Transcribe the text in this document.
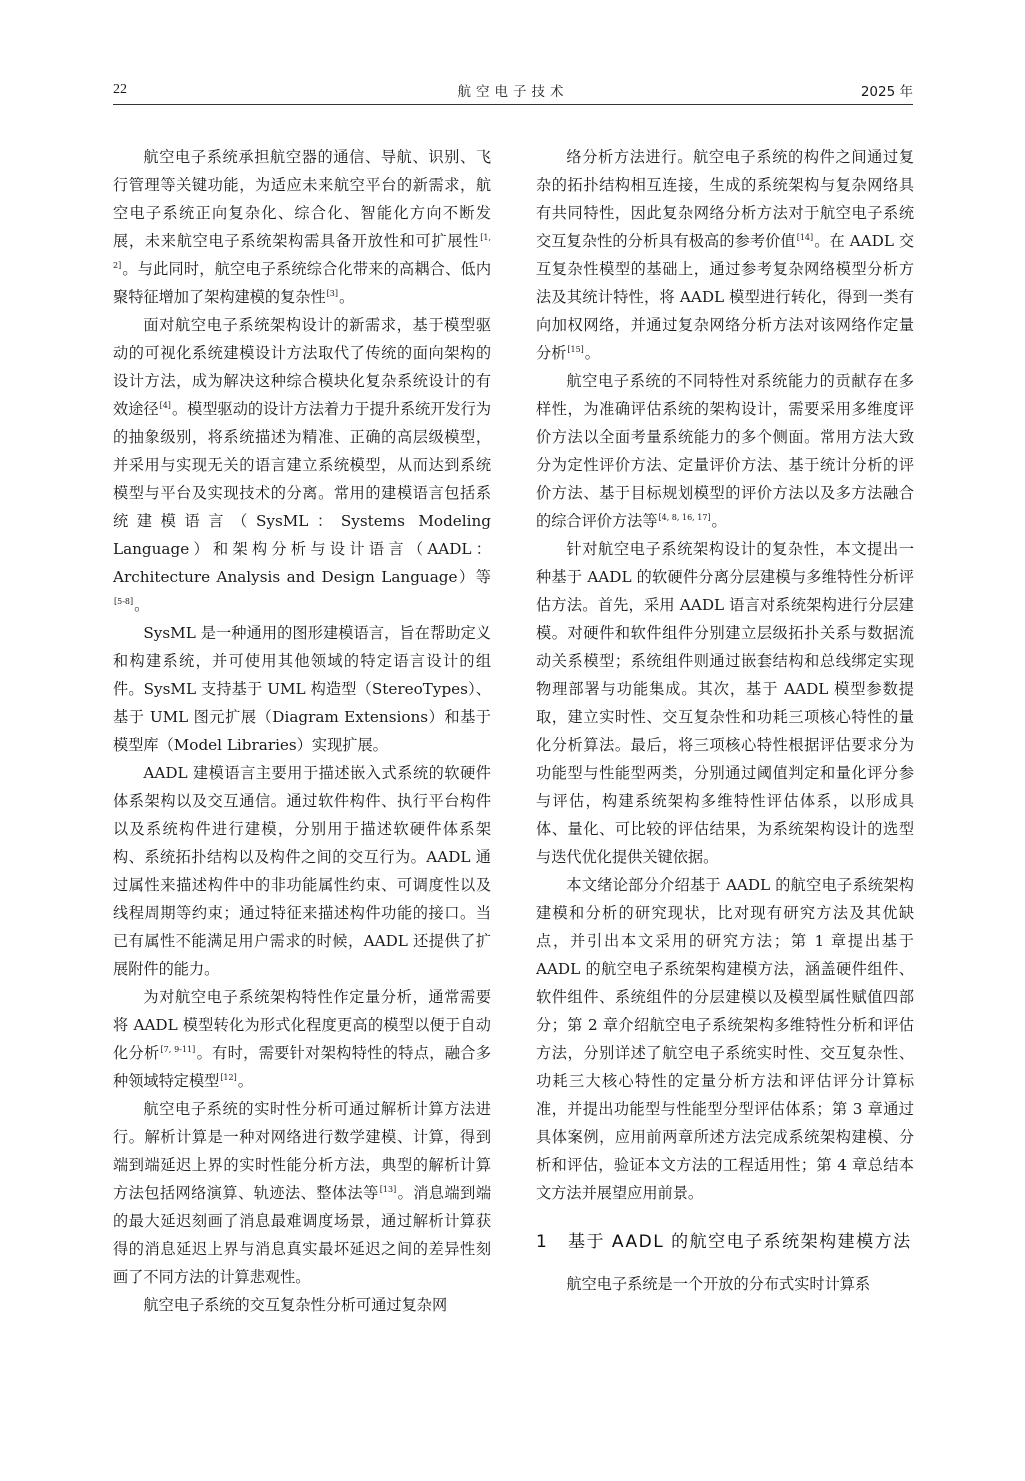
22	航空电子技术	2025 年

航空电子系统承担航空器的通信、导航、识别、飞行管理等关键功能，为适应未来航空平台的新需求，航空电子系统正向复杂化、综合化、智能化方向不断发展，未来航空电子系统架构需具备开放性和可扩展性[1, 2]。与此同时，航空电子系统综合化带来的高耦合、低内聚特征增加了架构建模的复杂性[3]。

面对航空电子系统架构设计的新需求，基于模型驱动的可视化系统建模设计方法取代了传统的面向架构的设计方法，成为解决这种综合模块化复杂系统设计的有效途径[4]。模型驱动的设计方法着力于提升系统开发行为的抽象级别，将系统描述为精准、正确的高层级模型，并采用与实现无关的语言建立系统模型，从而达到系统模型与平台及实现技术的分离。常用的建模语言包括系统建模语言（SysML：Systems Modeling Language）和架构分析与设计语言（AADL：Architecture Analysis and Design Language）等[5-8]。

SysML 是一种通用的图形建模语言，旨在帮助定义和构建系统，并可使用其他领域的特定语言设计的组件。SysML 支持基于 UML 构造型（StereoTypes）、基于 UML 图元扩展（Diagram Extensions）和基于模型库（Model Libraries）实现扩展。

AADL 建模语言主要用于描述嵌入式系统的软硬件体系架构以及交互通信。通过软件构件、执行平台构件以及系统构件进行建模，分别用于描述软硬件体系架构、系统拓扑结构以及构件之间的交互行为。AADL 通过属性来描述构件中的非功能属性约束、可调度性以及线程周期等约束；通过特征来描述构件功能的接口。当已有属性不能满足用户需求的时候，AADL 还提供了扩展附件的能力。

为对航空电子系统架构特性作定量分析，通常需要将 AADL 模型转化为形式化程度更高的模型以便于自动化分析[7, 9-11]。有时，需要针对架构特性的特点，融合多种领域特定模型[12]。

航空电子系统的实时性分析可通过解析计算方法进行。解析计算是一种对网络进行数学建模、计算，得到端到端延迟上界的实时性能分析方法，典型的解析计算方法包括网络演算、轨迹法、整体法等[13]。消息端到端的最大延迟刻画了消息最难调度场景，通过解析计算获得的消息延迟上界与消息真实最坏延迟之间的差异性刻画了不同方法的计算悲观性。

航空电子系统的交互复杂性分析可通过复杂网

络分析方法进行。航空电子系统的构件之间通过复杂的拓扑结构相互连接，生成的系统架构与复杂网络具有共同特性，因此复杂网络分析方法对于航空电子系统交互复杂性的分析具有极高的参考价值[14]。在 AADL 交互复杂性模型的基础上，通过参考复杂网络模型分析方法及其统计特性，将 AADL 模型进行转化，得到一类有向加权网络，并通过复杂网络分析方法对该网络作定量分析[15]。

航空电子系统的不同特性对系统能力的贡献存在多样性，为准确评估系统的架构设计，需要采用多维度评价方法以全面考量系统能力的多个侧面。常用方法大致分为定性评价方法、定量评价方法、基于统计分析的评价方法、基于目标规划模型的评价方法以及多方法融合的综合评价方法等[4, 8, 16, 17]。

针对航空电子系统架构设计的复杂性，本文提出一种基于 AADL 的软硬件分离分层建模与多维特性分析评估方法。首先，采用 AADL 语言对系统架构进行分层建模。对硬件和软件组件分别建立层级拓扑关系与数据流动关系模型；系统组件则通过嵌套结构和总线绑定实现物理部署与功能集成。其次，基于 AADL 模型参数提取，建立实时性、交互复杂性和功耗三项核心特性的量化分析算法。最后，将三项核心特性根据评估要求分为功能型与性能型两类，分别通过阈值判定和量化评分参与评估，构建系统架构多维特性评估体系，以形成具体、量化、可比较的评估结果，为系统架构设计的选型与迭代优化提供关键依据。

本文绪论部分介绍基于 AADL 的航空电子系统架构建模和分析的研究现状，比对现有研究方法及其优缺点，并引出本文采用的研究方法；第 1 章提出基于 AADL 的航空电子系统架构建模方法，涵盖硬件组件、软件组件、系统组件的分层建模以及模型属性赋值四部分；第 2 章介绍航空电子系统架构多维特性分析和评估方法，分别详述了航空电子系统实时性、交互复杂性、功耗三大核心特性的定量分析方法和评估评分计算标准，并提出功能型与性能型分型评估体系；第 3 章通过具体案例，应用前两章所述方法完成系统架构建模、分析和评估，验证本文方法的工程适用性；第 4 章总结本文方法并展望应用前景。

1	基于 AADL 的航空电子系统架构建模方法

航空电子系统是一个开放的分布式实时计算系
